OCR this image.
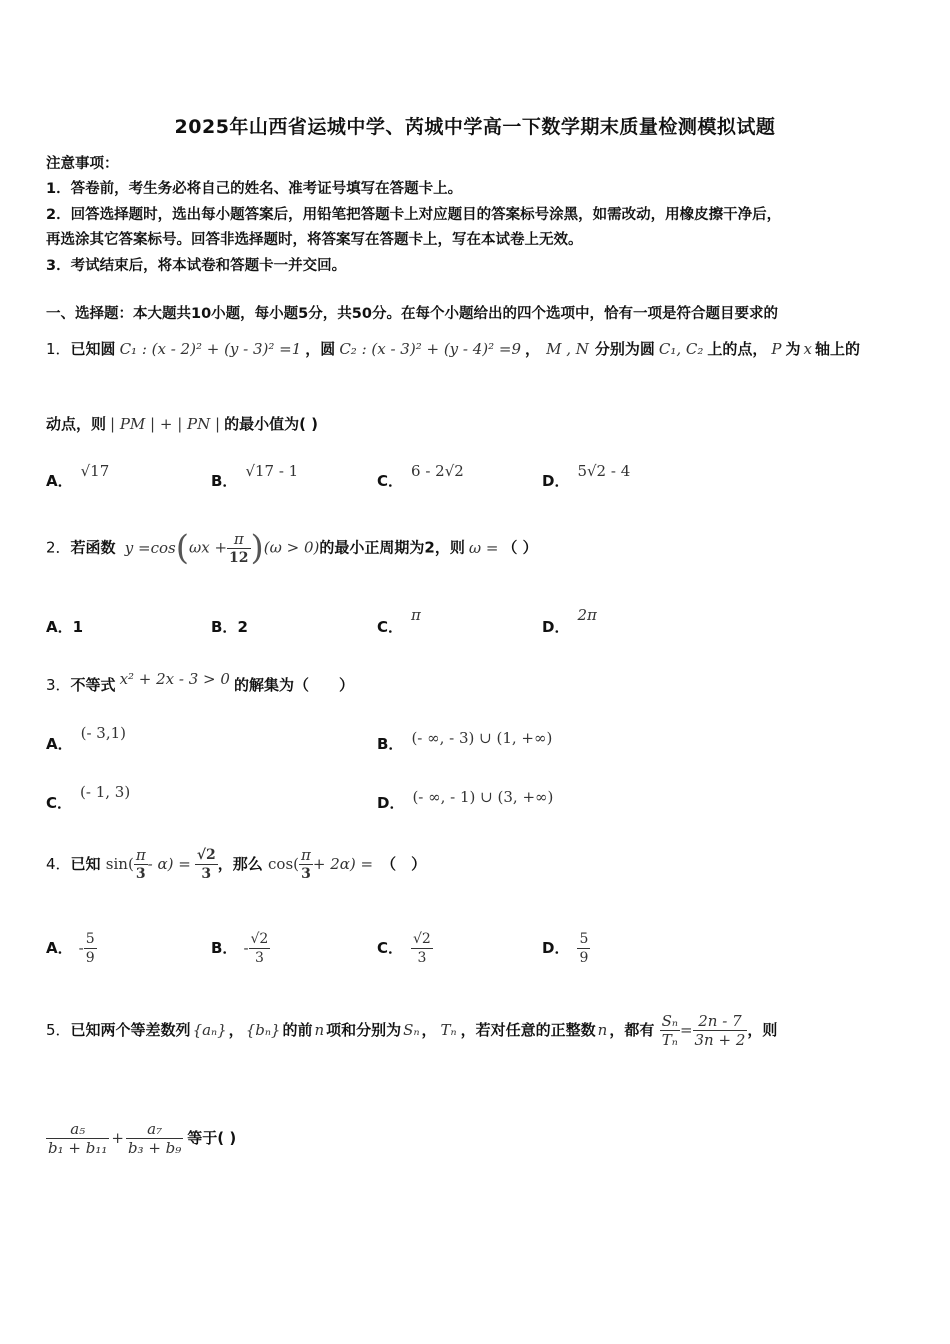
2025年山西省运城中学、芮城中学高一下数学期末质量检测模拟试题
注意事项：
1．答卷前，考生务必将自己的姓名、准考证号填写在答题卡上。
2．回答选择题时，选出每小题答案后，用铅笔把答题卡上对应题目的答案标号涂黑，如需改动，用橡皮擦干净后，
再选涂其它答案标号。回答非选择题时，将答案写在答题卡上，写在本试卷上无效。
3．考试结束后，将本试卷和答题卡一并交回。
一、选择题：本大题共10小题，每小题5分，共50分。在每个小题给出的四个选项中，恰有一项是符合题目要求的
1．已知圆 C₁ : (x - 2)² + (y - 3)² =1 ，圆 C₂ : (x - 3)² + (y - 4)² =9 ， M , N 分别为圆 C₁, C₂ 上的点， P 为 x 轴上的
动点，则 | PM | + | PN | 的最小值为( )
A．√17
B．√17 - 1
C．6 - 2√2
D．5√2 - 4
2．若函数 $y =\cos(\omega x + \frac{\pi}{12} )(\omega > 0)$的最小正周期为2，则 ω = （ ）
A．1	B．2	C．π
D．2π
3．不等式 x² + 2x - 3 > 0 的解集为（　　）
A．(- 3,1)
B． (- ∞, - 3) ∪ (1, +∞)
C．(- 1, 3)
D． (- ∞, - 1) ∪ (3, +∞)
4．已知 $\sin( \frac{\pi}{3} - \alpha) = \frac{√2}{3}$ ，那么 $\cos( \frac{\pi}{3} + 2\alpha)$ = （　）
A． - $\frac{5}{9}$	B． - $\frac{√2}{3}$	C． $\frac{√2}{3}$	D． $\frac{5}{9}$
5．已知两个等差数列 {aₙ} ， {bₙ} 的前 n 项和分别为 Sₙ ， Tₙ ，若对任意的正整数 n ，都有 $\frac{\text{Sₙ}}{\text{Tₙ}} = \frac{2n - 7}{3n + 2}$ ，则
$\frac{\text{a₅}}{\text{b₁ + b₁₁}} + \frac{\text{a₇}}{\text{b₃ + b₉}}$ 等于( )
